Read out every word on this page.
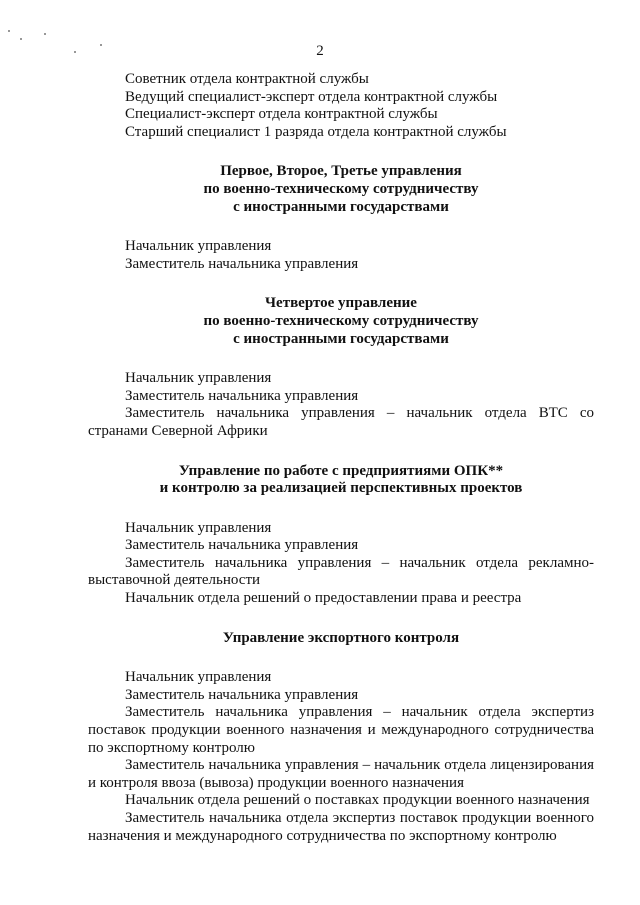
2
Советник отдела контрактной службы
Ведущий специалист-эксперт отдела контрактной службы
Специалист-эксперт отдела контрактной службы
Старший специалист 1 разряда отдела контрактной службы
Первое, Второе, Третье управления
по военно-техническому сотрудничеству
с иностранными государствами
Начальник управления
Заместитель начальника управления
Четвертое управление
по военно-техническому сотрудничеству
с иностранными государствами
Начальник управления
Заместитель начальника управления
Заместитель начальника управления – начальник отдела ВТС со странами Северной Африки
Управление по работе с предприятиями ОПК**
и контролю за реализацией перспективных проектов
Начальник управления
Заместитель начальника управления
Заместитель начальника управления – начальник отдела рекламно-выставочной деятельности
Начальник отдела решений о предоставлении права и реестра
Управление экспортного контроля
Начальник управления
Заместитель начальника управления
Заместитель начальника управления – начальник отдела экспертиз поставок продукции военного назначения и международного сотрудничества по экспортному контролю
Заместитель начальника управления – начальник отдела лицензирования и контроля ввоза (вывоза) продукции военного назначения
Начальник отдела решений о поставках продукции военного назначения
Заместитель начальника отдела экспертиз поставок продукции военного назначения и международного сотрудничества по экспортному контролю
